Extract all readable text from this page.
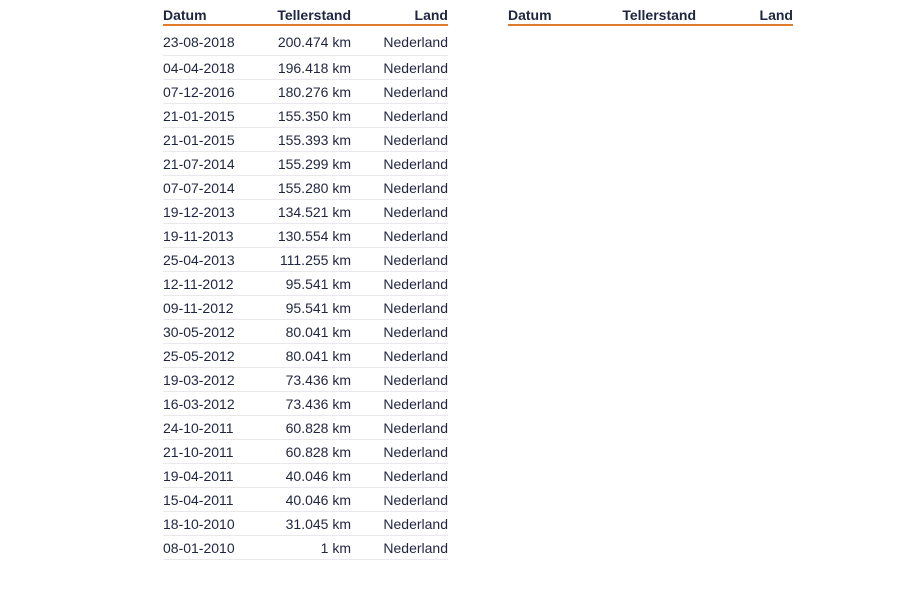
Datum	Tellerstand	Land
23-08-2018	200.474 km	Nederland
04-04-2018	196.418 km	Nederland
07-12-2016	180.276 km	Nederland
21-01-2015	155.350 km	Nederland
21-01-2015	155.393 km	Nederland
21-07-2014	155.299 km	Nederland
07-07-2014	155.280 km	Nederland
19-12-2013	134.521 km	Nederland
19-11-2013	130.554 km	Nederland
25-04-2013	111.255 km	Nederland
12-11-2012	95.541 km	Nederland
09-11-2012	95.541 km	Nederland
30-05-2012	80.041 km	Nederland
25-05-2012	80.041 km	Nederland
19-03-2012	73.436 km	Nederland
16-03-2012	73.436 km	Nederland
24-10-2011	60.828 km	Nederland
21-10-2011	60.828 km	Nederland
19-04-2011	40.046 km	Nederland
15-04-2011	40.046 km	Nederland
18-10-2010	31.045 km	Nederland
08-01-2010	1 km	Nederland
Datum	Tellerstand	Land
